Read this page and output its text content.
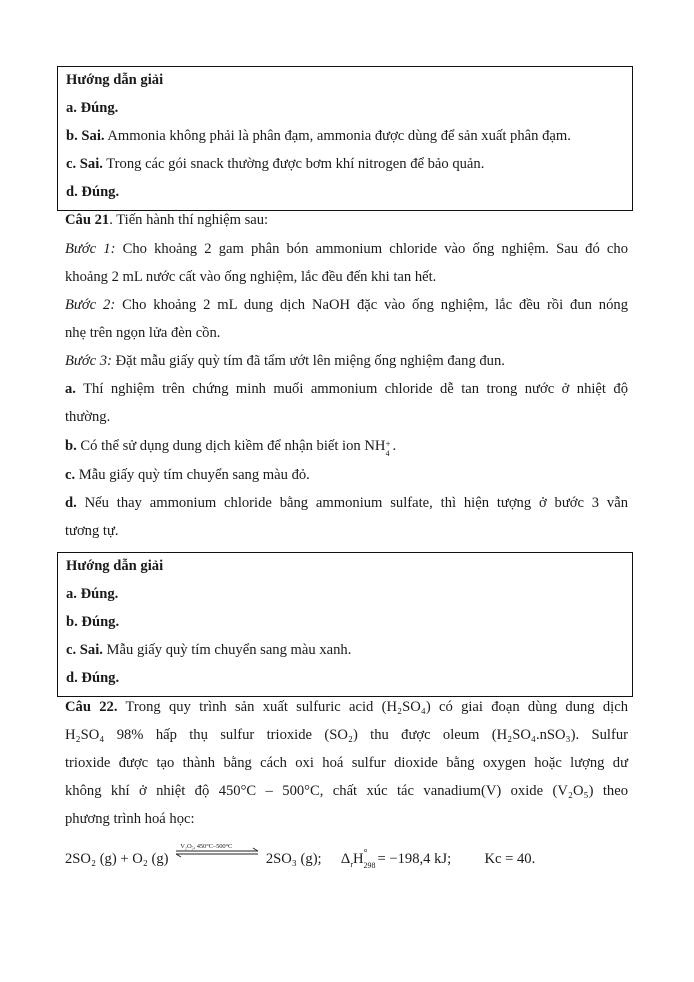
Hướng dẫn giải
a. Đúng.
b. Sai. Ammonia không phải là phân đạm, ammonia được dùng để sản xuất phân đạm.
c. Sai. Trong các gói snack thường được bơm khí nitrogen để bảo quản.
d. Đúng.
Câu 21. Tiến hành thí nghiệm sau:
Bước 1: Cho khoảng 2 gam phân bón ammonium chloride vào ống nghiệm. Sau đó cho
khoảng 2 mL nước cất vào ống nghiệm, lắc đều đến khi tan hết.
Bước 2: Cho khoảng 2 mL dung dịch NaOH đặc vào ống nghiệm, lắc đều rồi đun nóng
nhẹ trên ngọn lửa đèn cồn.
Bước 3: Đặt mẫu giấy quỳ tím đã tẩm ướt lên miệng ống nghiệm đang đun.
a. Thí nghiệm trên chứng minh muối ammonium chloride dễ tan trong nước ở nhiệt độ
thường.
b. Có thể sử dụng dung dịch kiềm để nhận biết ion NH +
4 .
c. Mẫu giấy quỳ tím chuyển sang màu đỏ.
d. Nếu thay ammonium chloride bằng ammonium sulfate, thì hiện tượng ở bước 3 vẫn
tương tự.
Hướng dẫn giải
a. Đúng.
b. Đúng.
c. Sai. Mẫu giấy quỳ tím chuyển sang màu xanh.
d. Đúng.
Câu 22. Trong quy trình sản xuất sulfuric acid (H₂SO₄) có giai đoạn dùng dung dịch
H₂SO₄ 98% hấp thụ sulfur trioxide (SO₂) thu được oleum (H₂SO₄.nSO₃). Sulfur
trioxide được tạo thành bằng cách oxi hoá sulfur dioxide bằng oxygen hoặc lượng dư
không khí ở nhiệt độ 450°C – 500°C, chất xúc tác vanadium(V) oxide (V₂O₅) theo
phương trình hoá học:
2SO₂ (g) + O₂ (g)
V₂O₅, 450°C–500°C
2SO₃ (g); $\Delta_rH$ °
298 = −198,4 kJ; Kc = 40.
